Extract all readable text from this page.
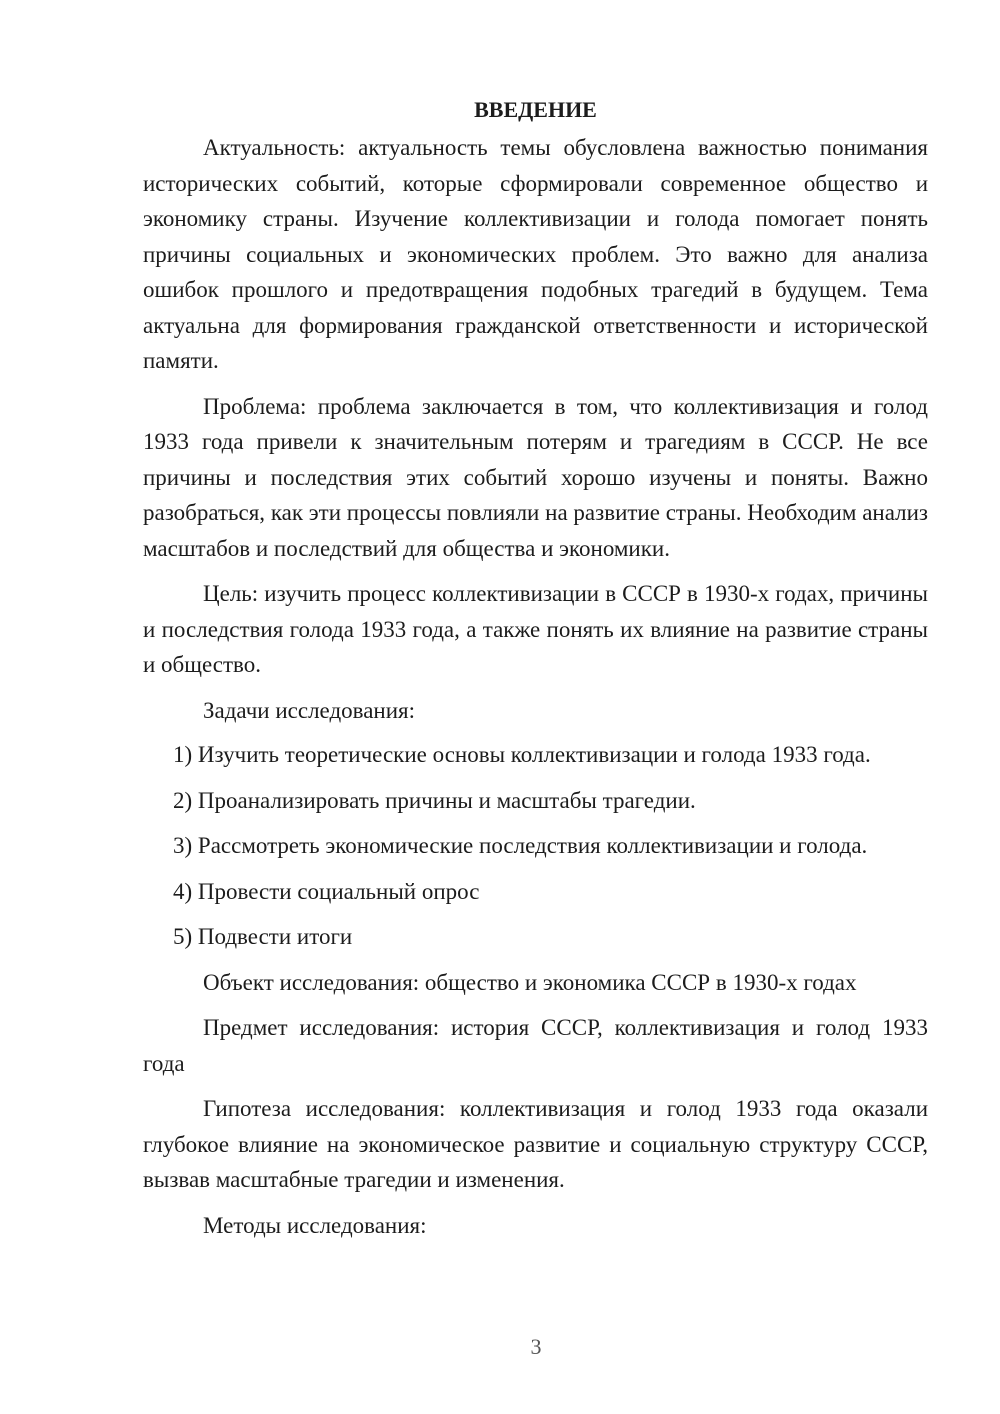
ВВЕДЕНИЕ

Актуальность: актуальность темы обусловлена важностью понимания исторических событий, которые сформировали современное общество и экономику страны. Изучение коллективизации и голода помогает понять причины социальных и экономических проблем. Это важно для анализа ошибок прошлого и предотвращения подобных трагедий в будущем. Тема актуальна для формирования гражданской ответственности и исторической памяти.

Проблема: проблема заключается в том, что коллективизация и голод 1933 года привели к значительным потерям и трагедиям в СССР. Не все причины и последствия этих событий хорошо изучены и поняты. Важно разобраться, как эти процессы повлияли на развитие страны. Необходим анализ масштабов и последствий для общества и экономики.

Цель: изучить процесс коллективизации в СССР в 1930-х годах, причины и последствия голода 1933 года, а также понять их влияние на развитие страны и общество.

Задачи исследования:

1) Изучить теоретические основы коллективизации и голода 1933 года.

2) Проанализировать причины и масштабы трагедии.

3) Рассмотреть экономические последствия коллективизации и голода.

4) Провести социальный опрос

5) Подвести итоги

Объект исследования: общество и экономика СССР в 1930-х годах

Предмет исследования: история СССР, коллективизация и голод 1933 года

Гипотеза исследования: коллективизация и голод 1933 года оказали глубокое влияние на экономическое развитие и социальную структуру СССР, вызвав масштабные трагедии и изменения.

Методы исследования:

3
